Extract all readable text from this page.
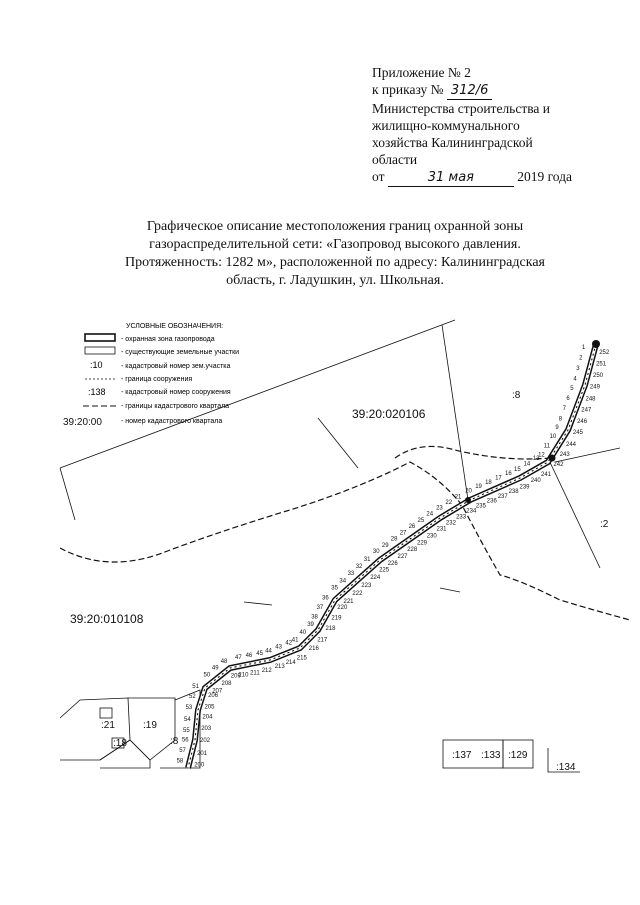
Приложение № 2
к приказу № 312/6
Министерства строительства и
жилищно-коммунального
хозяйства Калининградской
области
от	31 мая	2019 года
Графическое описание местоположения границ охранной зоны
газораспределительной сети: «Газопровод высокого давления.
Протяженность: 1282 м», расположенной по адресу: Калининградская
область, г. Ладушкин, ул. Школьная.
УСЛОВНЫЕ ОБОЗНАЧЕНИЯ:
- охранная зона газопровода
- существующие земельные участки
:10	- кадастровый номер зем.участка
- граница сооружения
:138 - кадастровый номер сооружения
- границы кадастрового квартала
39:20:00	- номер кадастрового квартала
1
2
3
4
5
6
7
8
9
10
11
12
13
14
15
16
17
18
19
20
21
22
23
24
25
26
27
28
29
30
31
32
33
34
35
36
37
38
39
40
41
42
43
44
45
46
47
48
49
50
51
52
53
54
55
56
57
58
252
251
250
249
248
247
246
245
244
243
242
241
240
239
238
237
236
235
234
233
232
231
230
229
228
227
226
225
224
223
222
221
220
219
218
217
216
215
214
213
212
211
210
209
208
207
206
205
204
203
202
201
200
39:20:020106
39:20:010108
:8
:2
:21	:19
:18	:8
:137 :133 :129
:134
